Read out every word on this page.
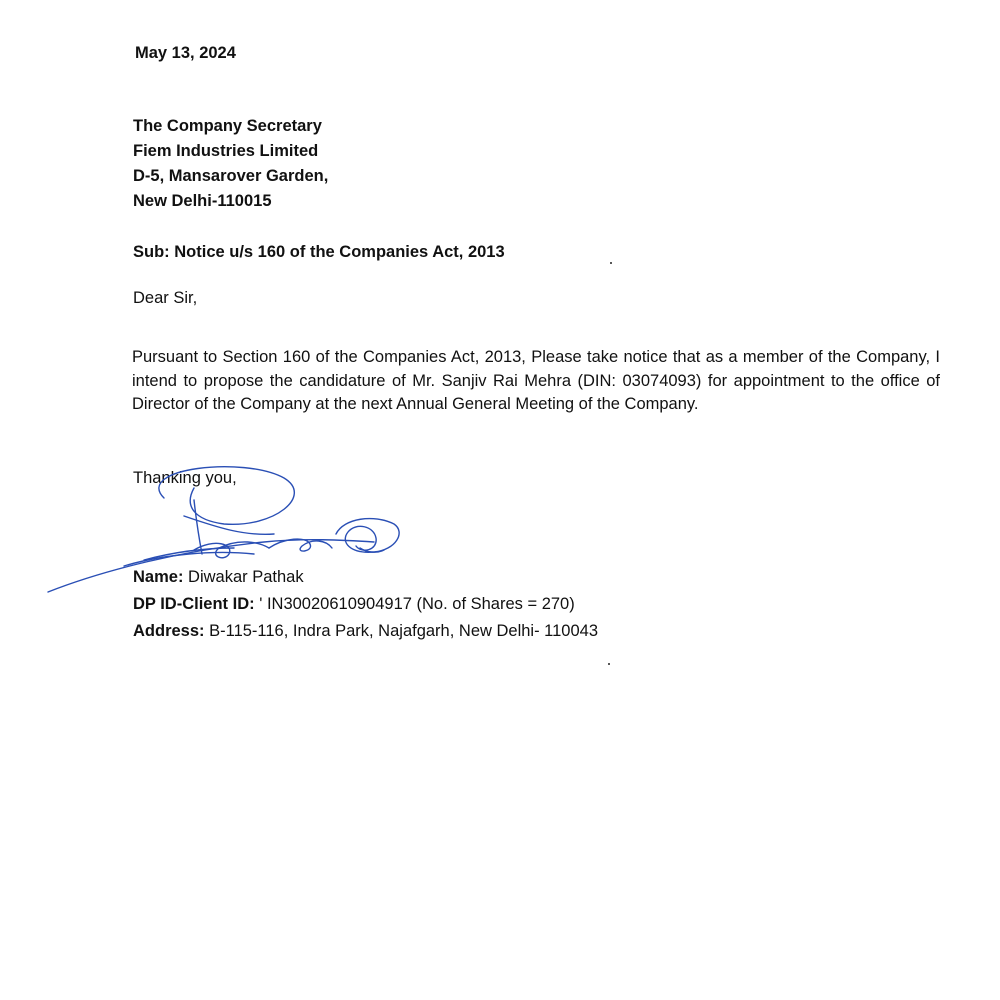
May 13, 2024
The Company Secretary
Fiem Industries Limited
D-5, Mansarover Garden,
New Delhi-110015
Sub: Notice u/s 160 of the Companies Act, 2013
Dear Sir,
Pursuant to Section 160 of the Companies Act, 2013, Please take notice that as a member of the Company, I intend to propose the candidature of Mr. Sanjiv Rai Mehra (DIN: 03074093) for appointment to the office of Director of the Company at the next Annual General Meeting of the Company.
Thanking you,
Name: Diwakar Pathak
DP ID-Client ID: ' IN30020610904917 (No. of Shares = 270)
Address: B-115-116, Indra Park, Najafgarh, New Delhi- 110043
